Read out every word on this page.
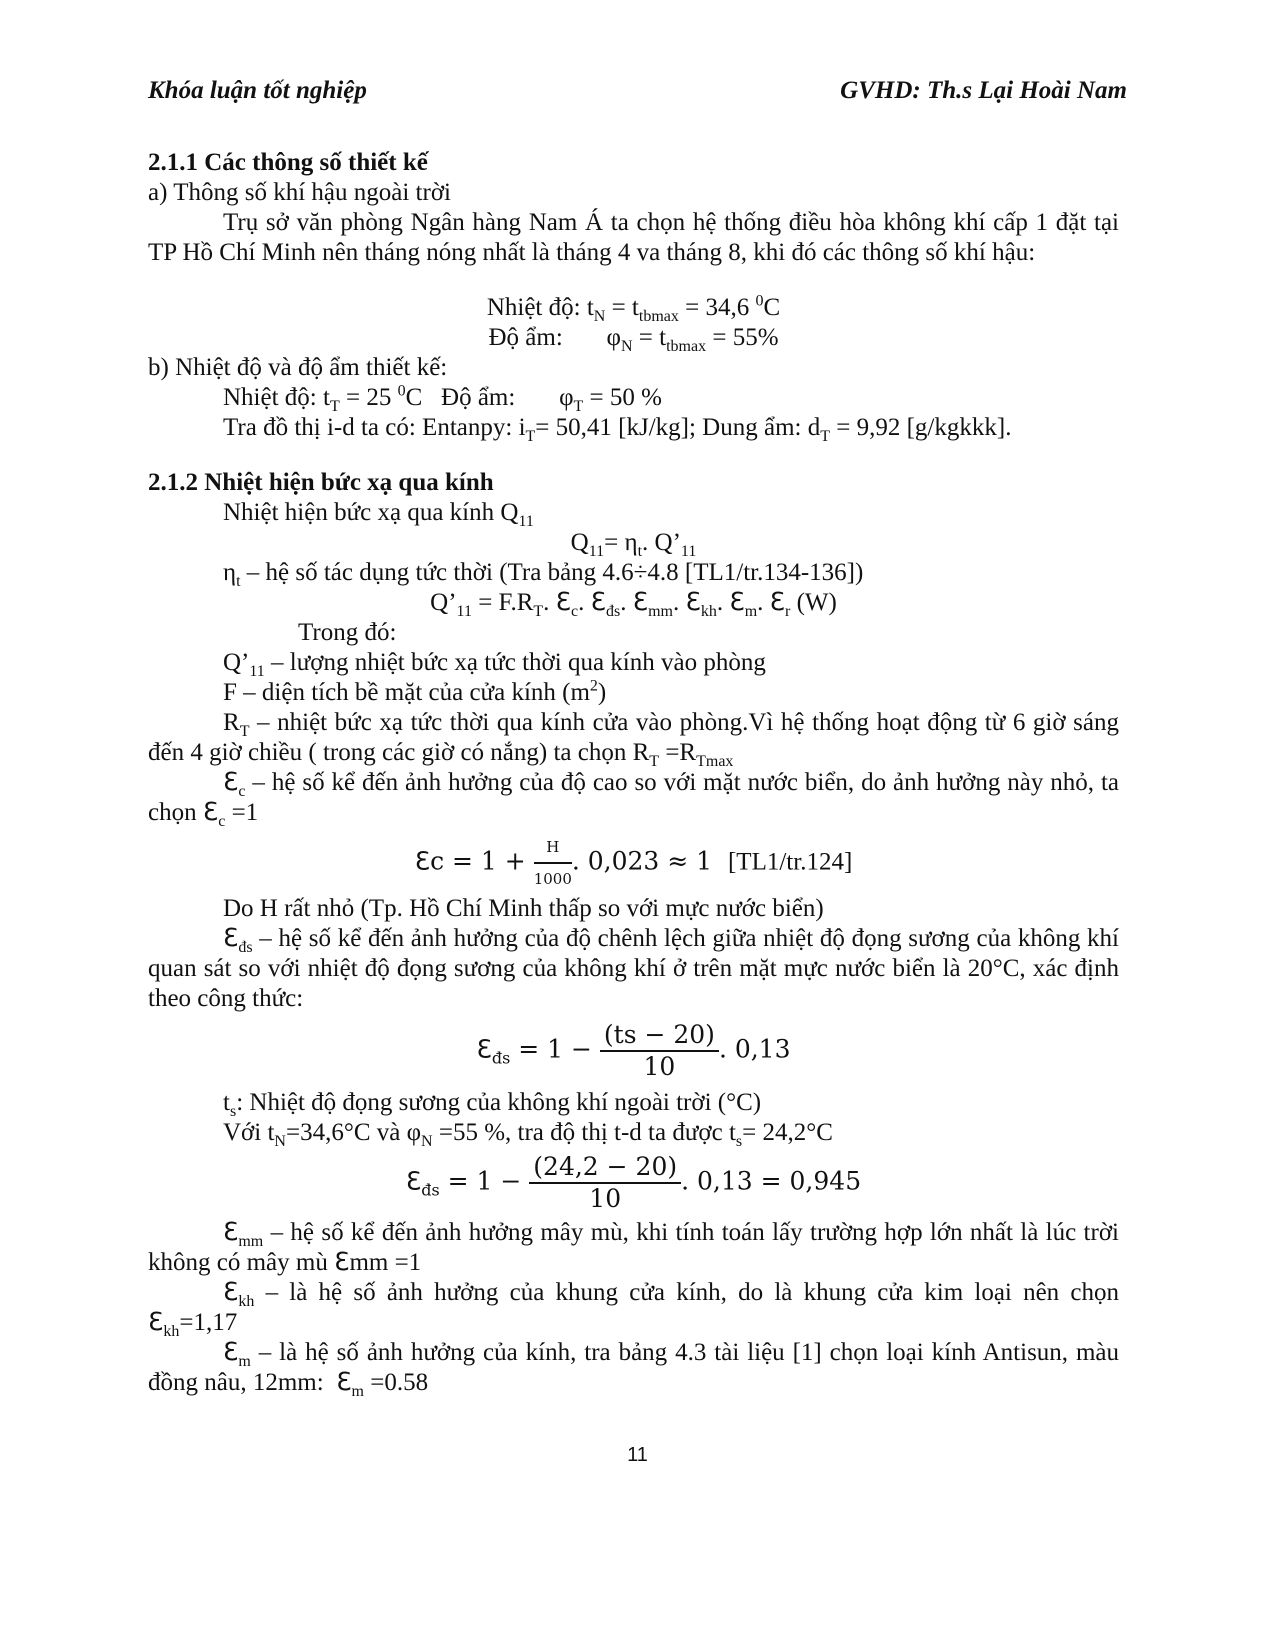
Khóa luận tốt nghiệp	GVHD: Th.s Lại Hoài Nam

2.1.1 Các thông số thiết kế

a) Thông số khí hậu ngoài trời

Trụ sở văn phòng Ngân hàng Nam Á ta chọn hệ thống điều hòa không khí cấp 1 đặt tại TP Hồ Chí Minh nên tháng nóng nhất là tháng 4 va tháng 8, khi đó các thông số khí hậu:

Nhiệt độ: $t_N = t_{tbmax} = 34,6$ $^0$C

Độ ẩm:       $\varphi_N = t_{tbmax} = 55\%$

b) Nhiệt độ và độ ẩm thiết kế:

Nhiệt độ: $t_T = 25$ $^0$C   Độ ẩm:       $\varphi_T = 50$ %

Tra đồ thị i-d ta có: Entanpy: $i_T= 50,41$ [kJ/kg]; Dung ẩm: $d_T = 9,92$ [g/kgkkk].

2.1.2 Nhiệt hiện bức xạ qua kính

Nhiệt hiện bức xạ qua kính $Q_{11}$

$Q_{11}= \eta_t$. $Q’_{11}$

$\eta_t$ – hệ số tác dụng tức thời (Tra bảng 4.6÷4.8 [TL1/tr.134-136])

$Q’_{11} = F.R_T$. ℇ$_c$. ℇ$_{đs}$. ℇ$_{mm}$. ℇ$_{kh}$. ℇ$_m$. ℇ$_r$ (W)

Trong đó:

$Q’_{11}$ – lượng nhiệt bức xạ tức thời qua kính vào phòng

F – diện tích bề mặt của cửa kính $(m^2)$

$R_T$ – nhiệt bức xạ tức thời qua kính cửa vào phòng.Vì hệ thống hoạt động từ 6 giờ sáng đến 4 giờ chiều ( trong các giờ có nắng) ta chọn $R_T =R_{Tmax}$

ℇ$_c$ – hệ số kể đến ảnh hưởng của độ cao so với mặt nước biển, do ảnh hưởng này nhỏ, ta chọn ℇ$_c$ =1

ℇc = $1 + \frac{H}{1000}$ . 0,023 ≈ 1  [TL1/tr.124]

Do H rất nhỏ (Tp. Hồ Chí Minh thấp so với mực nước biển)

ℇ$_{đs}$ – hệ số kể đến ảnh hưởng của độ chênh lệch giữa nhiệt độ đọng sương của không khí quan sát so với nhiệt độ đọng sương của không khí ở trên mặt mực nước biển là 20°C, xác định theo công thức:

ℇ$_{đs}$ = $1 - \frac{(ts - 20)}{10}$ . 0,13

$t_s$: Nhiệt độ đọng sương của không khí ngoài trời (°C)

Với $t_N=34,6^\circ C$ và $\varphi_N =55$ %, tra độ thị t-d ta được $t_s= 24,2^\circ C$

ℇ$_{đs}$ = $1 - \frac{(24,2 - 20)}{10}$ . 0,13 = 0,945

ℇ$_{mm}$ – hệ số kể đến ảnh hưởng mây mù, khi tính toán lấy trường hợp lớn nhất là lúc trời không có mây mù ℇmm =1

ℇ$_{kh}$ – là hệ số ảnh hưởng của khung cửa kính, do là khung cửa kim loại nên chọn ℇ$_{kh}$=1,17

ℇ$_m$ – là hệ số ảnh hưởng của kính, tra bảng 4.3 tài liệu [1] chọn loại kính Antisun, màu đồng nâu, 12mm:  ℇ$_m$ =0.58

11
